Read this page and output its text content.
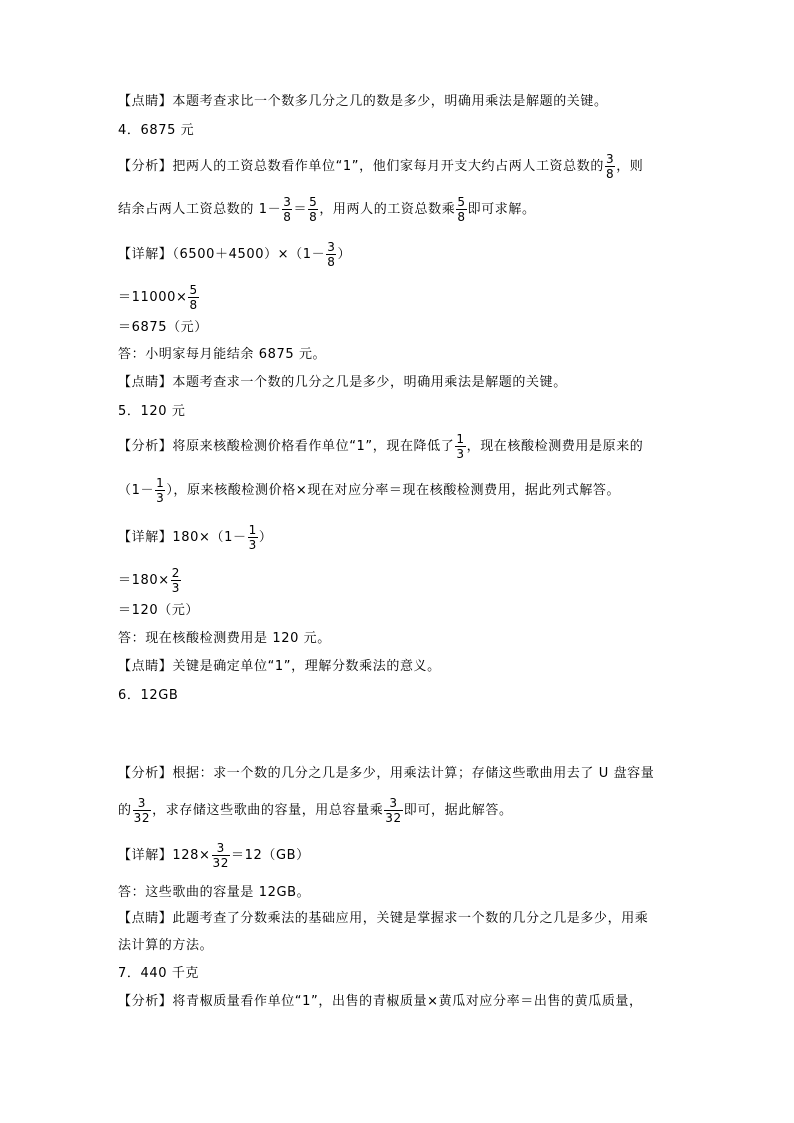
【点睛】本题考查求比一个数多几分之几的数是多少，明确用乘法是解题的关键。
4．6875 元
【分析】把两人的工资总数看作单位“1”，他们家每月开支大约占两人工资总数的 $\frac{3}{8}$ ，则
结余占两人工资总数的 $1- \frac{3}{8} = \frac{5}{8}$ ，用两人的工资总数乘 $\frac{5}{8}$ 即可求解。
【详解】$(6500+4500)\times(1- \frac{3}{8}$ ）
$=11000\times \frac{5}{8}$
＝6875（元）
答：小明家每月能结余 6875 元。
【点睛】本题考查求一个数的几分之几是多少，明确用乘法是解题的关键。
5．120 元
【分析】将原来核酸检测价格看作单位“1”，现在降低了 $\frac{1}{3}$ ，现在核酸检测费用是原来的
（$1- \frac{1}{3}$ ），原来核酸检测价格×现在对应分率＝现在核酸检测费用，据此列式解答。
【详解】$180\times(1- \frac{1}{3}$ ）
$=180\times \frac{2}{3}$
＝120（元）
答：现在核酸检测费用是 120 元。
【点睛】关键是确定单位“1”，理解分数乘法的意义。
6．12GB
【分析】根据：求一个数的几分之几是多少，用乘法计算；存储这些歌曲用去了 U 盘容量
的 $\frac{3}{32}$ ，求存储这些歌曲的容量，用总容量乘 $\frac{3}{32}$ 即可，据此解答。
【详解】$128\times \frac{3}{32} =12(GB)$
答：这些歌曲的容量是 12GB。
【点睛】此题考查了分数乘法的基础应用，关键是掌握求一个数的几分之几是多少，用乘
法计算的方法。
7．440 千克
【分析】将青椒质量看作单位“1”，出售的青椒质量×黄瓜对应分率＝出售的黄瓜质量，
